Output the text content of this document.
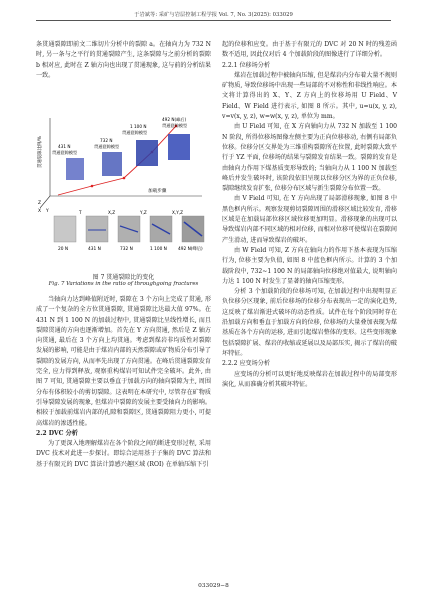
于岩斌等: 采矿与岩层控制工程学报 Vol. 7, No. 3(2025): 033029

条贯通裂隙即前文二维切片分析中的裂隙 a。在轴向力为 732 N 时, 另一条与之平行的贯通裂隙产生, 这条裂隙与之前分析的裂隙 b 相对应, 此时在 Z 轴方向也出现了贯通现象, 这与前的分析结果一致。

贯通裂隙比例/%
加载步骤
1 100 N
贯通裂隙模型
492 N(峰后)
贯通裂隙模型
431 N
贯通裂隙模型
732 N
贯通裂隙模型
Z
Y
X	T	X,Z	Y,Z	X,Y,Z
20 N	431 N	732 N	1 100 N	492 N(峰后)
图 7 贯通裂隙比的变化
Fig. 7 Variations in the ratio of throughgoing fractures

当轴向力达到峰值附近时, 裂隙在 3 个方向上完成了贯通, 形成了一个复杂的全方位贯通裂隙, 贯通裂隙比达最大值 97%。在 431 N 到 1 100 N 的加载过程中, 贯通裂隙比呈线性增长, 而且裂隙贯通的方向也逐渐增加。首先在 Y 方向贯通, 然后是 Z 轴方向贯通, 最后在 3 个方向上均贯通。考虑到煤岩非均质性对裂隙发展的影响, 可能是由于煤岩内部的天然裂隙或矿物质分布引导了裂隙的发展方向, 从而率先出现了方向贯通。在峰后贯通裂隙发育完全, 应力得到释放, 观察重构煤岩可知试件完全破坏。此外, 由图 7 可知, 贯通裂隙主要以垂直于加载方向的轴向裂隙为主, 周围分布有体积较小的剪切裂隙。这表明在本研究中, 尽管存在矿物质引导裂隙发展的现象, 但煤岩中裂隙的发展主要受轴向力的影响。相较于加载前煤岩内部的孔隙和裂隙区, 贯通裂隙阻力更小, 可提高煤岩的渗透性能。

2.2 DVC 分析

为了更深入地理解煤岩在各个阶段之间的断进变形过程, 采用 DVC 技术对此进一步探讨。即综合运用基于子集的 DVC 算法和基于有限元的 DVC 算法计算感兴趣区域 (ROI) 在单轴压缩下引

起的位移和应变。由于基于有限元的 DVC 对 20 N 时的残差函数不适用, 因此仅对后 4 个加载阶段的图像进行了详细分析。

2.2.1 位移场分析

煤岩在加载过程中被轴向压缩, 但是煤岩内分布着大量不规则矿物质, 导致位移场中出现一些局部的不对称性和非线性响应。本文将计算得出的 X、Y、Z 方向上的位移场用 U Field、V Field、W Field 进行表示, 如图 8 所示。其中, u=u(x, y, z), v=v(x, y, z), w=w(x, y, z), 单位为 mm。

由 U Field 可知, 在 X 方向轴向力从 732 N 加载至 1 100 N 阶段, 所得位移场图像左侧主要为正向位移移动, 右侧有局部负位移。位移分区交界处为三维重构裂隙所在位置, 此时裂隙大致平行于 YZ 平面, 位移场的结果与裂隙发育结果一致。裂隙的发育是由轴向力作用下煤基质变形导致的; 当轴向力从 1 100 N 加载至峰后并发生破坏时, 该阶段依旧呈现以位移分区为界的正负位移, 裂隙继续发育扩张, 位移分布区域与新生裂隙分布位置一致。

由 V Field 可知, 在 Y 方向出现了局部滑移现象, 如图 8 中黑色框内所示。观察发现剪切裂隙周围的滑移区域比较发育, 滑移区域是在加载局部位移区域位移更加明显。滑移现象的出现可以导致煤岩内部不同区域的相对位移, 而相对位移可使煤岩在裂隙间产生滑动, 进而导致煤岩的破坏。

由 W Field 可知, Z 方向在轴向力的作用下基本表现为压缩行为, 位移主要为负值, 如图 8 中蓝色框内所示。计算的 3 个加载阶段中, 732~1 100 N 的局部轴向位移绝对值最大, 说明轴向力达 1 100 N 时发生了显著的轴向压缩变形。

分析 3 个加载阶段的位移场可知, 在加载过程中出现明显正负位移分区现象, 前后位移场的位移分布表现出一定的演化趋势, 这反映了煤岩渐进式破坏的动态性质。试件在每个阶段同时存在沿加载方向和垂直于加载方向的位移, 位移场的大量叠加表现为煤基质在各个方向的运移, 进而引起煤岩整体的变形。这些变形现象包括裂隙扩展、煤岩的收缩或延展以及局部压实, 揭示了煤岩的破坏特征。

2.2.2 应变场分析

应变场的分析可以更好地反映煤岩在加载过程中的局部变形演化, 从而准确分析其破坏特征。

033029−8
